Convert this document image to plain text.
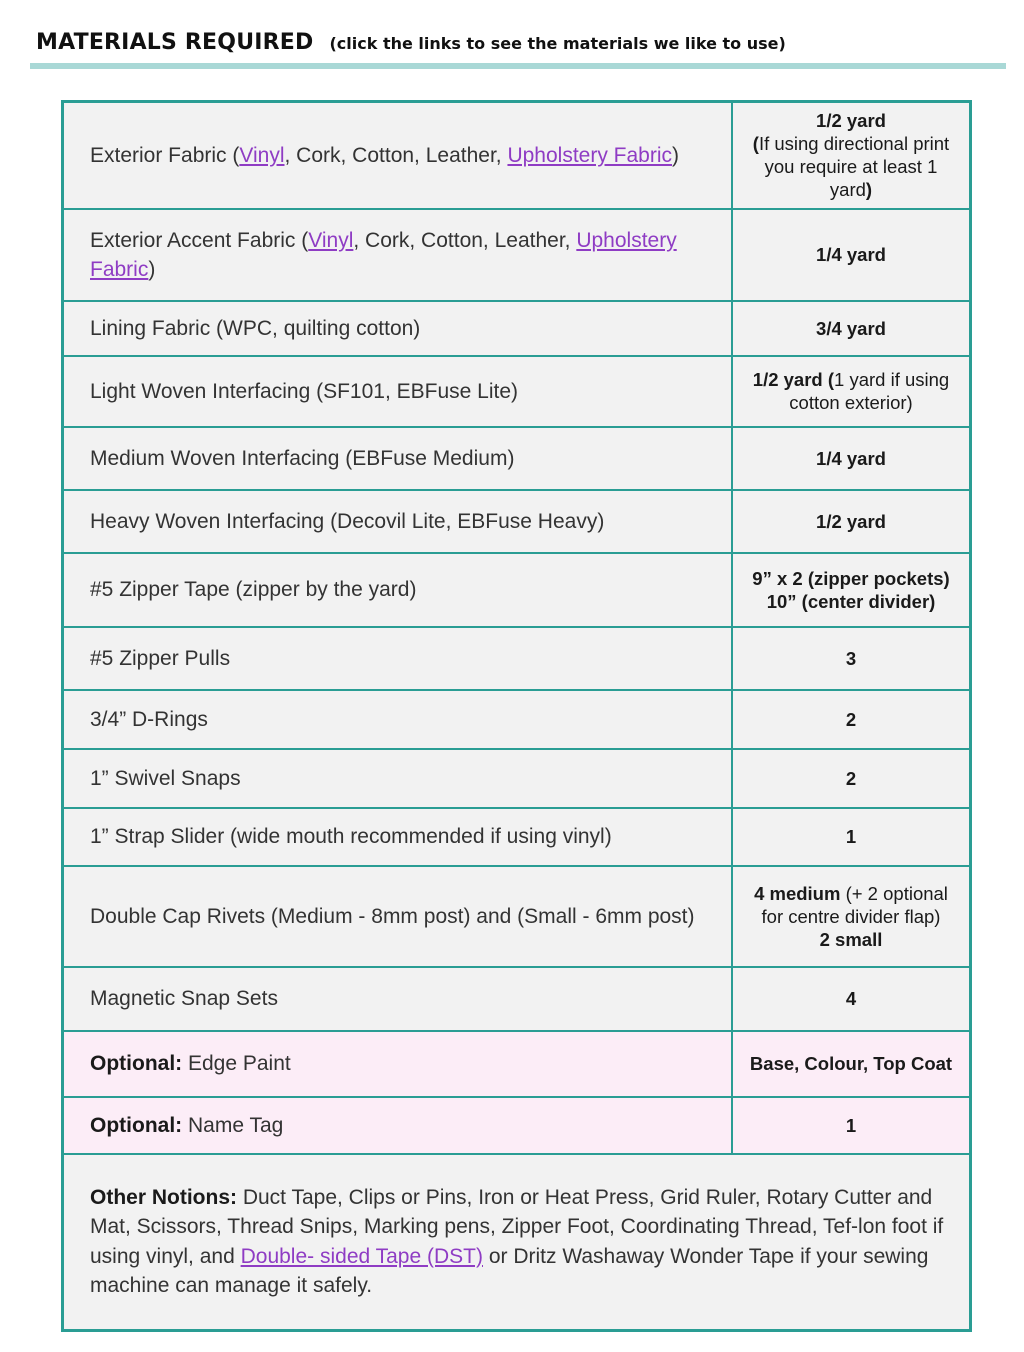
MATERIALS REQUIRED (click the links to see the materials we like to use)
Exterior Fabric (Vinyl, Cork, Cotton, Leather, Upholstery Fabric)	1/2 yard
(If using directional print you require at least 1 yard)
Exterior Accent Fabric (Vinyl, Cork, Cotton, Leather, Upholstery Fabric)	1/4 yard
Lining Fabric (WPC, quilting cotton)	3/4 yard
Light Woven Interfacing (SF101, EBFuse Lite)	1/2 yard (1 yard if using cotton exterior)
Medium Woven Interfacing (EBFuse Medium)	1/4 yard
Heavy Woven Interfacing (Decovil Lite, EBFuse Heavy)	1/2 yard
#5 Zipper Tape (zipper by the yard)	9” x 2 (zipper pockets)
10” (center divider)
#5 Zipper Pulls	3
3/4” D-Rings	2
1” Swivel Snaps	2
1” Strap Slider (wide mouth recommended if using vinyl)	1
Double Cap Rivets (Medium - 8mm post) and (Small - 6mm post)	4 medium (+ 2 optional for centre divider flap)
2 small
Magnetic Snap Sets	4
Optional: Edge Paint	Base, Colour, Top Coat
Optional: Name Tag	1
Other Notions: Duct Tape, Clips or Pins, Iron or Heat Press, Grid Ruler, Rotary Cutter and Mat, Scissors, Thread Snips, Marking pens, Zipper Foot, Coordinating Thread, Tef-lon foot if using vinyl, and Double- sided Tape (DST) or Dritz Washaway Wonder Tape if your sewing machine can manage it safely.	
